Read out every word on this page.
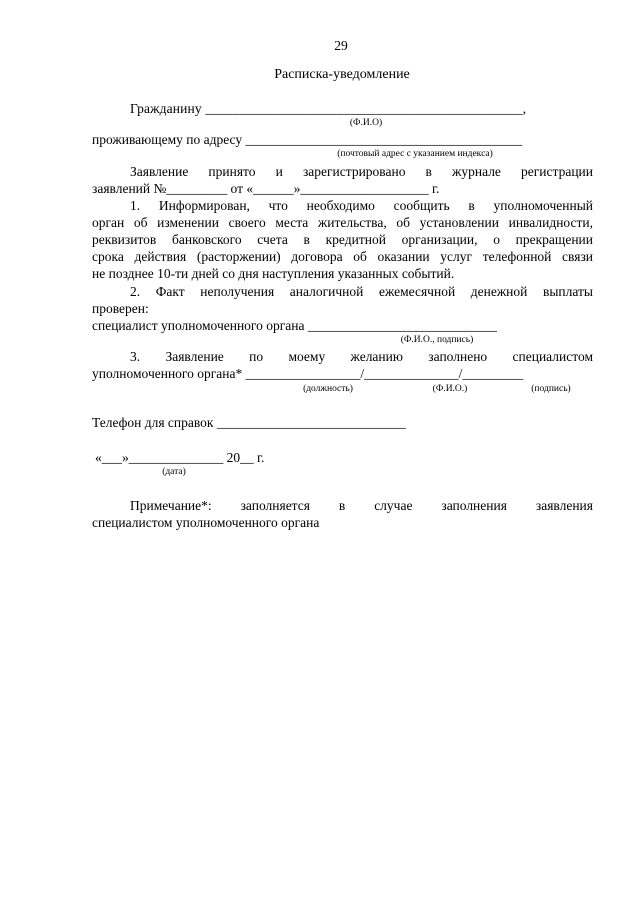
29
Расписка-уведомление
Гражданину ______________________________________________,
(Ф.И.О)
проживающему по адресу _________________________________________
(почтовый адрес с указанием индекса)
Заявление принято и зарегистрировано в журнале регистрации
заявлений №_________ от «______»___________________ г.
1. Информирован, что необходимо сообщить в уполномоченный
орган об изменении своего места жительства, об установлении инвалидности,
реквизитов банковского счета в кредитной организации, о прекращении
срока действия (расторжении) договора об оказании услуг телефонной связи
не позднее 10-ти дней со дня наступления указанных событий.
2. Факт неполучения аналогичной ежемесячной денежной выплаты
проверен:
специалист уполномоченного органа ____________________________
(Ф.И.О., подпись)
3. Заявление по моему желанию заполнено специалистом
уполномоченного органа* _________________/______________/_________
(должность)	(Ф.И.О.)	(подпись)
Телефон для справок ____________________________
«___»______________ 20__ г.
(дата)
Примечание*: заполняется в случае заполнения заявления
специалистом уполномоченного органа
